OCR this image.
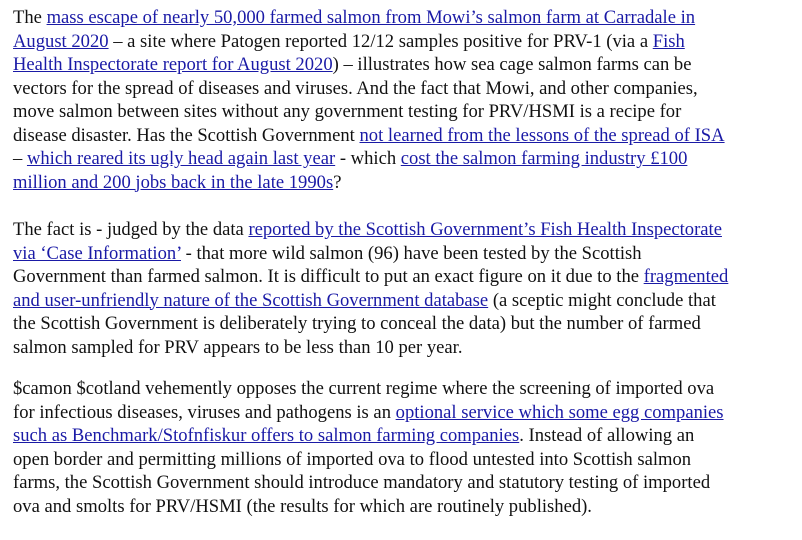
The mass escape of nearly 50,000 farmed salmon from Mowi’s salmon farm at Carradale in
August 2020 – a site where Patogen reported 12/12 samples positive for PRV-1 (via a Fish
Health Inspectorate report for August 2020) – illustrates how sea cage salmon farms can be
vectors for the spread of diseases and viruses. And the fact that Mowi, and other companies,
move salmon between sites without any government testing for PRV/HSMI is a recipe for
disease disaster. Has the Scottish Government not learned from the lessons of the spread of ISA
– which reared its ugly head again last year - which cost the salmon farming industry £100
million and 200 jobs back in the late 1990s?
The fact is - judged by the data reported by the Scottish Government’s Fish Health Inspectorate
via ‘Case Information’ - that more wild salmon (96) have been tested by the Scottish
Government than farmed salmon. It is difficult to put an exact figure on it due to the fragmented
and user-unfriendly nature of the Scottish Government database (a sceptic might conclude that
the Scottish Government is deliberately trying to conceal the data) but the number of farmed
salmon sampled for PRV appears to be less than 10 per year.
$camon $cotland vehemently opposes the current regime where the screening of imported ova
for infectious diseases, viruses and pathogens is an optional service which some egg companies
such as Benchmark/Stofnfiskur offers to salmon farming companies. Instead of allowing an
open border and permitting millions of imported ova to flood untested into Scottish salmon
farms, the Scottish Government should introduce mandatory and statutory testing of imported
ova and smolts for PRV/HSMI (the results for which are routinely published).
